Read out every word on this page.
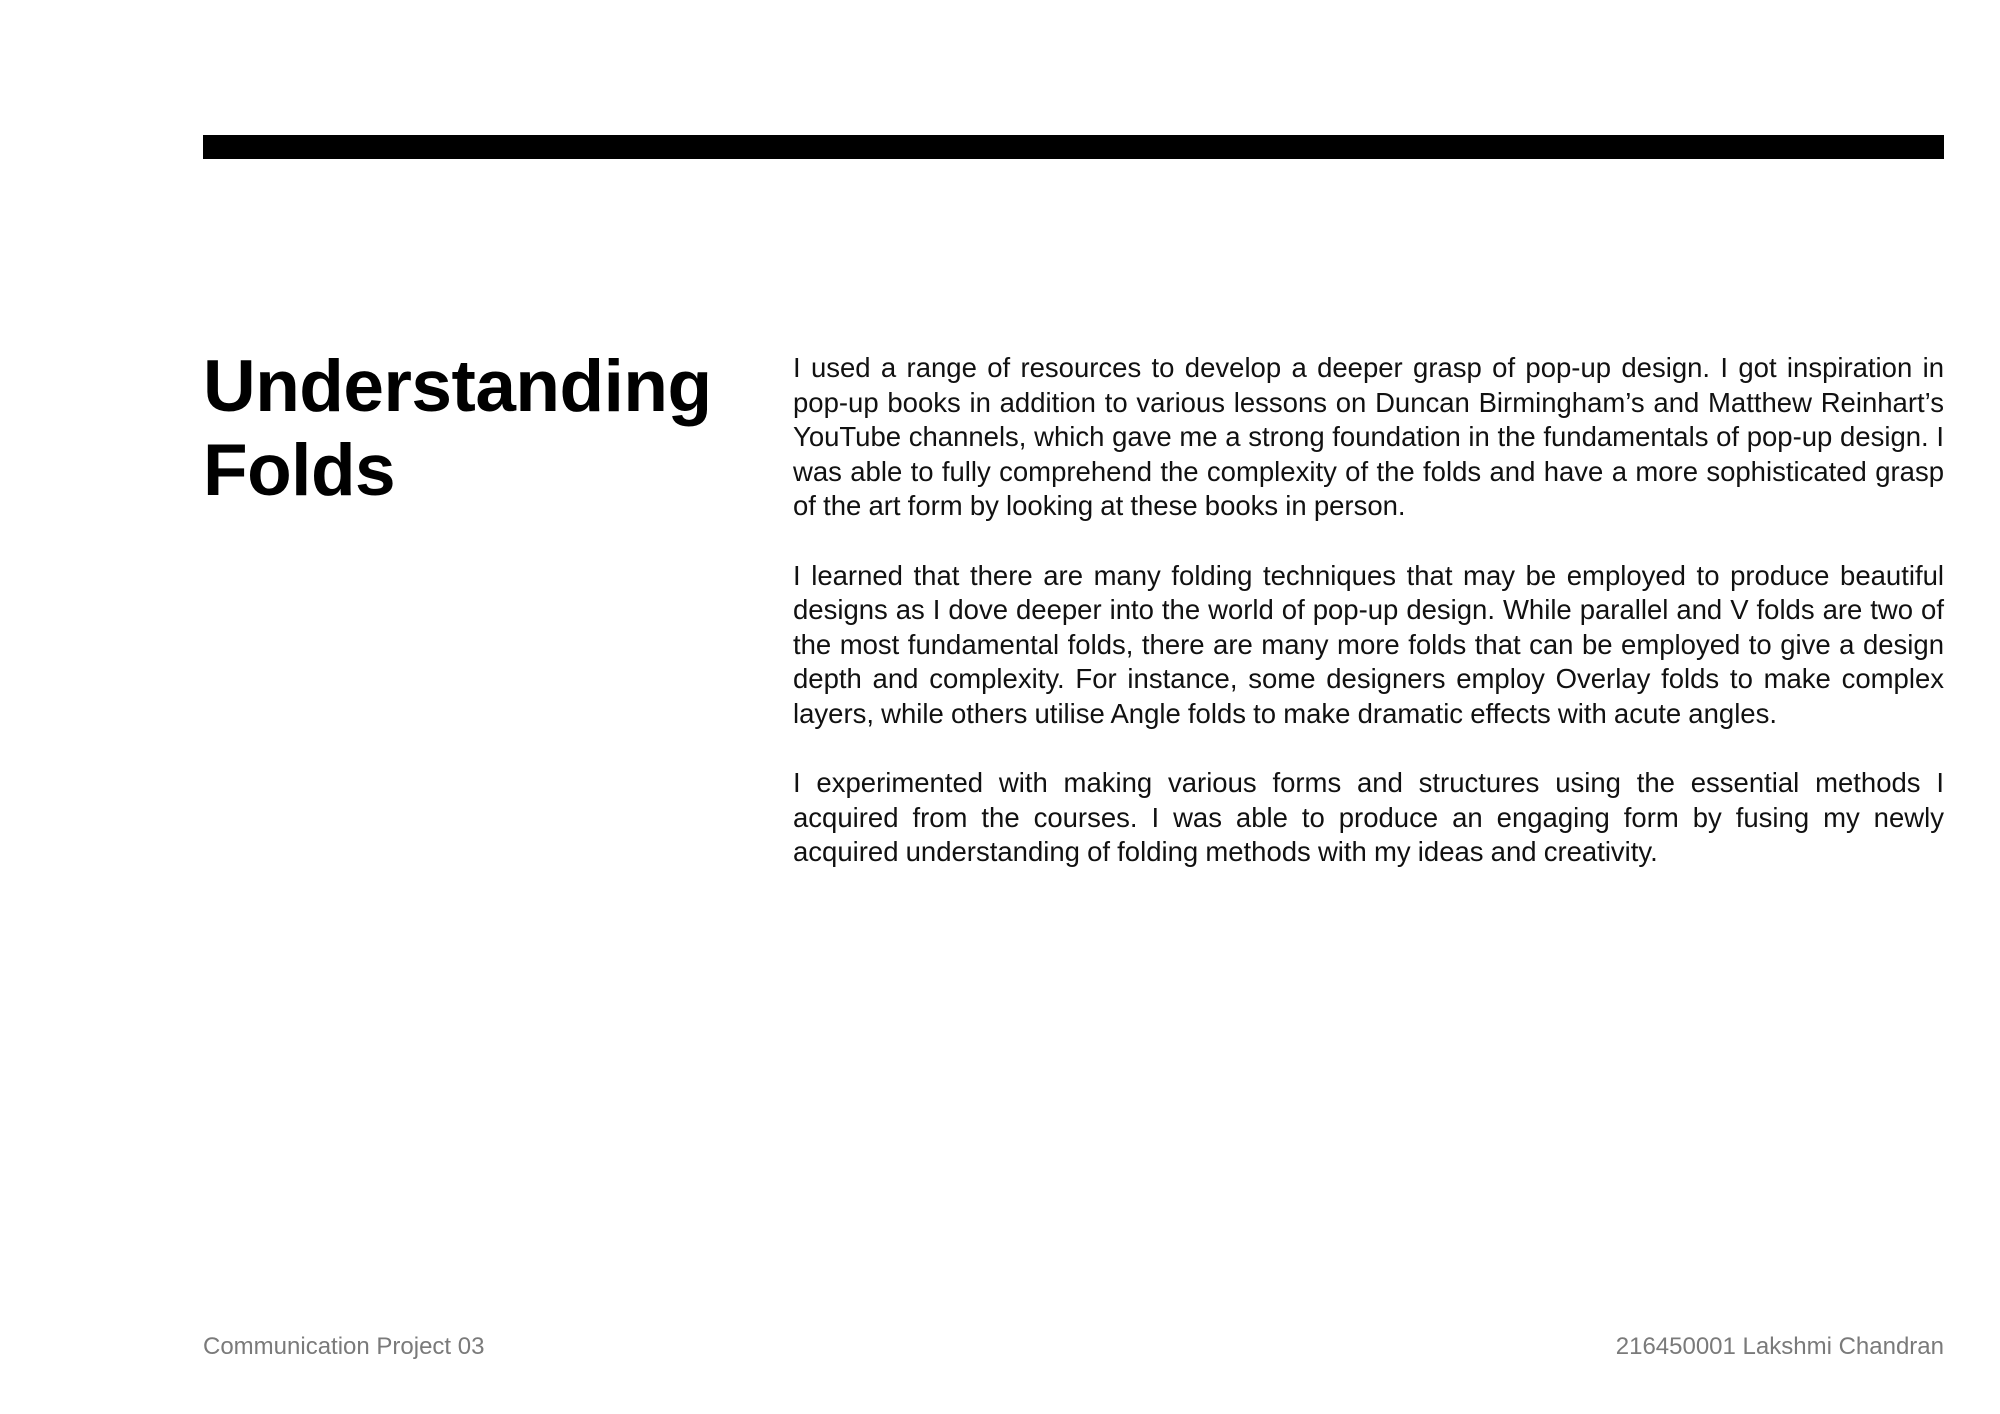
Understanding
Folds

I used a range of resources to develop a deeper grasp of pop-up design. I got inspiration in pop-up books in addition to various lessons on Duncan Birmingham’s and Matthew Reinhart’s YouTube channels, which gave me a strong foundation in the fundamentals of pop-up design. I was able to fully comprehend the complexity of the folds and have a more sophisticated grasp of the art form by looking at these books in person.

I learned that there are many folding techniques that may be employed to produce beautiful designs as I dove deeper into the world of pop-up design. While parallel and V folds are two of the most fundamental folds, there are many more folds that can be employed to give a design depth and complexity. For instance, some designers employ Overlay folds to make complex layers, while others utilise Angle folds to make dramatic effects with acute angles.

I experimented with making various forms and structures using the essential methods I acquired from the courses. I was able to produce an engaging form by fusing my newly acquired understanding of folding methods with my ideas and creativity.

Communication Project 03	216450001 Lakshmi Chandran
